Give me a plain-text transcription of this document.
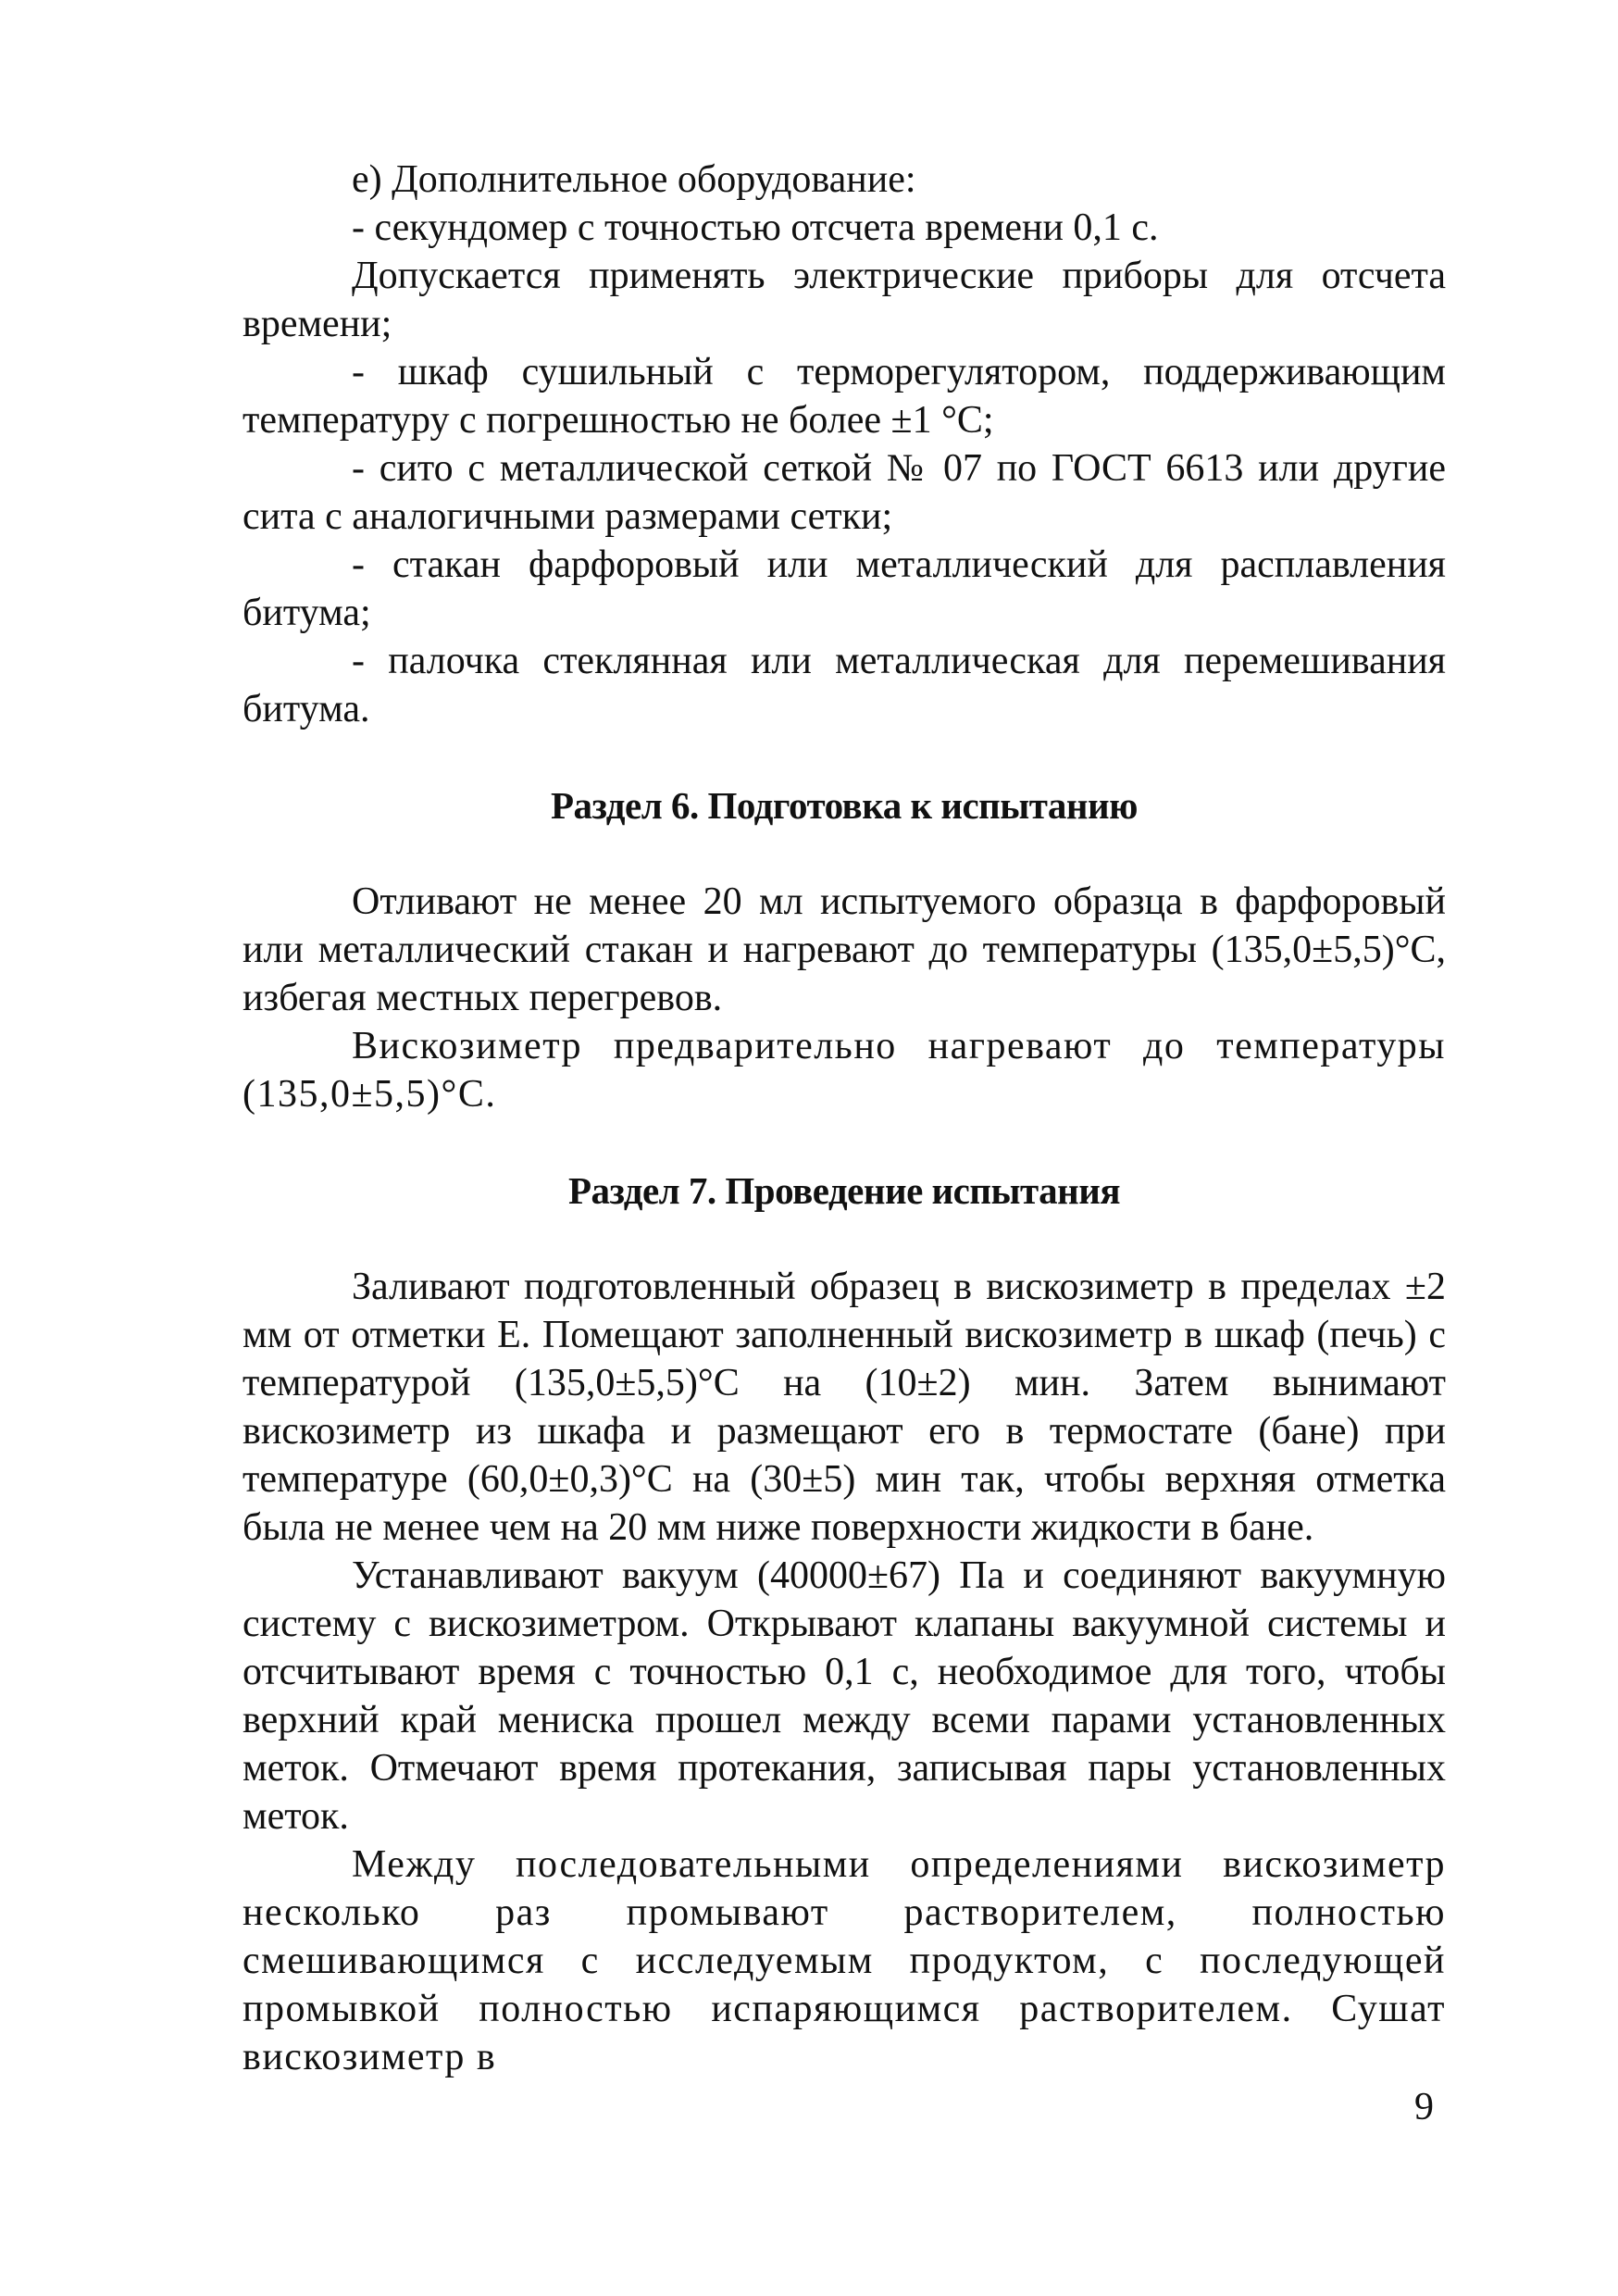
е) Дополнительное оборудование:

- секундомер с точностью отсчета времени 0,1 с.

Допускается применять электрические приборы для отсчета времени;

- шкаф сушильный с терморегулятором, поддерживающим температуру с погрешностью не более ±1 °С;

- сито с металлической сеткой № 07 по ГОСТ 6613 или другие сита с аналогичными размерами сетки;

- стакан фарфоровый или металлический для расплавления битума;

- палочка стеклянная или металлическая для перемешивания битума.

Раздел 6. Подготовка к испытанию

Отливают не менее 20 мл испытуемого образца в фарфоровый или металлический стакан и нагревают до температуры (135,0±5,5)°С, избегая местных перегревов.

Вискозиметр предварительно нагревают до температуры (135,0±5,5)°С.

Раздел 7. Проведение испытания

Заливают подготовленный образец в вискозиметр в пределах ±2 мм от отметки Е. Помещают заполненный вискозиметр в шкаф (печь) с температурой (135,0±5,5)°С на (10±2) мин. Затем вынимают вискозиметр из шкафа и размещают его в термостате (бане) при температуре (60,0±0,3)°С на (30±5) мин так, чтобы верхняя отметка была не менее чем на 20 мм ниже поверхности жидкости в бане.

Устанавливают вакуум (40000±67) Па и соединяют вакуумную систему с вискозиметром. Открывают клапаны вакуумной системы и отсчитывают время с точностью 0,1 с, необходимое для того, чтобы верхний край мениска прошел между всеми парами установленных меток. Отмечают время протекания, записывая пары установленных меток.

Между последовательными определениями вискозиметр несколько раз промывают растворителем, полностью смешивающимся с исследуемым продуктом, с последующей промывкой полностью испаряющимся растворителем. Сушат вискозиметр в

9
